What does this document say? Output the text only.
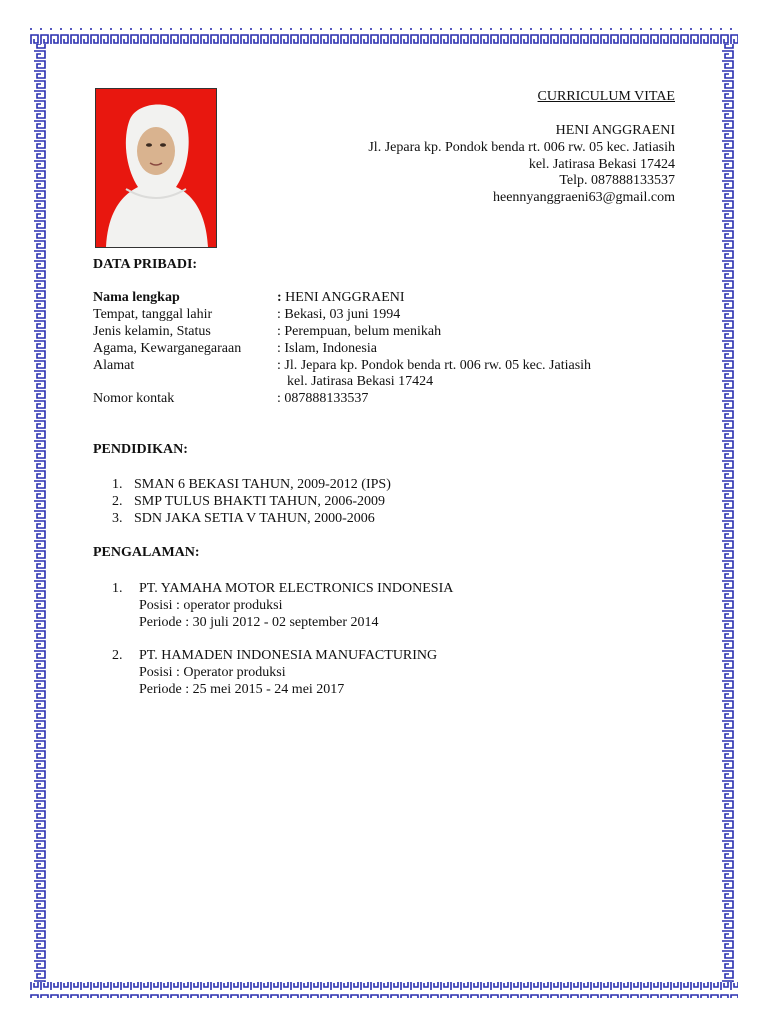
CURRICULUM VITAE
HENI ANGGRAENI
Jl. Jepara kp. Pondok benda rt. 006 rw. 05 kec. Jatiasih
kel. Jatirasa Bekasi 17424
Telp. 087888133537
heennyanggraeni63@gmail.com
DATA PRIBADI:
Nama lengkap	: HENI ANGGRAENI
Tempat, tanggal lahir	: Bekasi, 03 juni 1994
Jenis kelamin, Status	: Perempuan, belum menikah
Agama, Kewarganegaraan	: Islam, Indonesia
Alamat	: Jl. Jepara kp. Pondok benda rt. 006 rw. 05 kec. Jatiasih
kel. Jatirasa Bekasi 17424
Nomor kontak	: 087888133537
PENDIDIKAN:
1. SMAN 6 BEKASI TAHUN, 2009-2012 (IPS)
2. SMP TULUS BHAKTI TAHUN, 2006-2009
3. SDN JAKA SETIA V TAHUN, 2000-2006
PENGALAMAN:
1. PT. YAMAHA MOTOR ELECTRONICS INDONESIA
Posisi : operator produksi
Periode : 30 juli 2012 - 02 september 2014
2. PT. HAMADEN INDONESIA MANUFACTURING
Posisi : Operator produksi
Periode : 25 mei 2015 - 24 mei 2017
